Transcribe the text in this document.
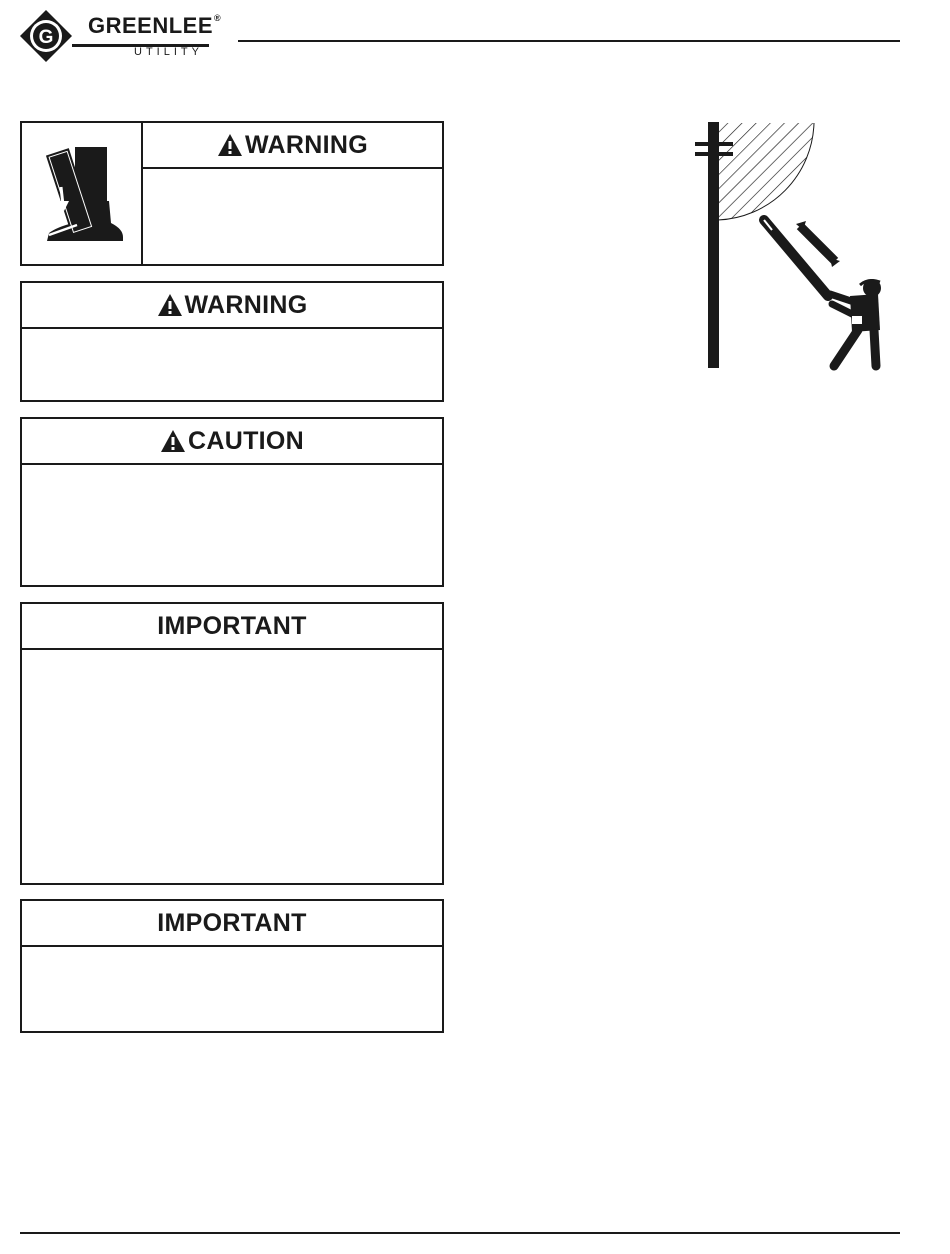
G GREENLEE®
UTILITY
WARNING
WARNING
CAUTION
IMPORTANT
IMPORTANT
